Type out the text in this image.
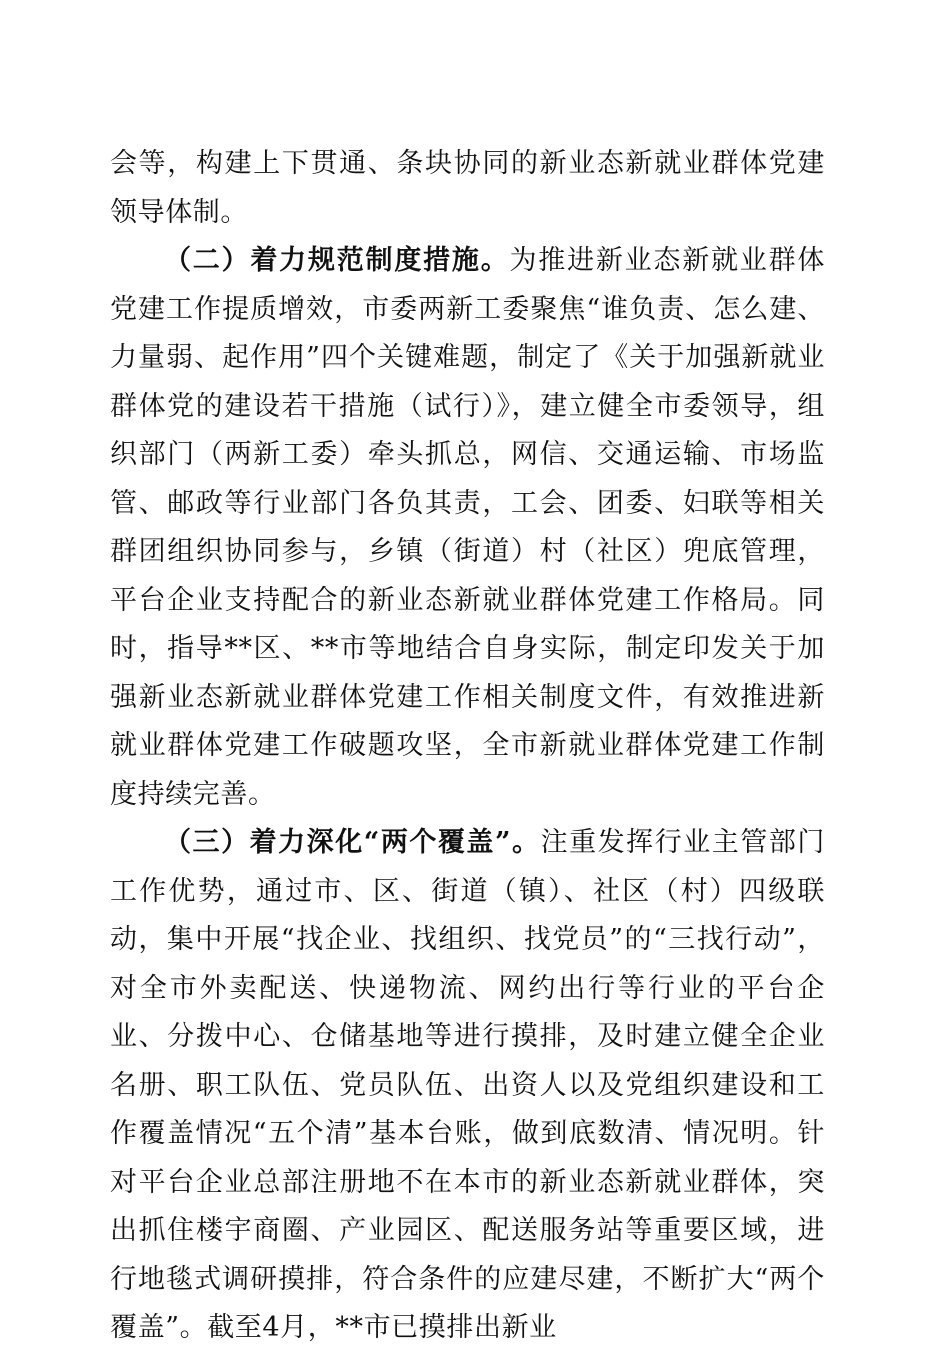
会等，构建上下贯通、条块协同的新业态新就业群体党建领导体制。

（二）着力规范制度措施。为推进新业态新就业群体党建工作提质增效，市委两新工委聚焦“谁负责、怎么建、力量弱、起作用”四个关键难题，制定了《关于加强新就业群体党的建设若干措施（试行）》，建立健全市委领导，组织部门（两新工委）牵头抓总，网信、交通运输、市场监管、邮政等行业部门各负其责，工会、团委、妇联等相关群团组织协同参与，乡镇（街道）村（社区）兜底管理，平台企业支持配合的新业态新就业群体党建工作格局。同时，指导**区、**市等地结合自身实际，制定印发关于加强新业态新就业群体党建工作相关制度文件，有效推进新就业群体党建工作破题攻坚，全市新就业群体党建工作制度持续完善。

（三）着力深化“两个覆盖”。注重发挥行业主管部门工作优势，通过市、区、街道（镇）、社区（村）四级联动，集中开展“找企业、找组织、找党员”的“三找行动”，对全市外卖配送、快递物流、网约出行等行业的平台企业、分拨中心、仓储基地等进行摸排，及时建立健全企业名册、职工队伍、党员队伍、出资人以及党组织建设和工作覆盖情况“五个清”基本台账，做到底数清、情况明。针对平台企业总部注册地不在本市的新业态新就业群体，突出抓住楼宇商圈、产业园区、配送服务站等重要区域，进行地毯式调研摸排，符合条件的应建尽建，不断扩大“两个覆盖”。截至4月，**市已摸排出新业
